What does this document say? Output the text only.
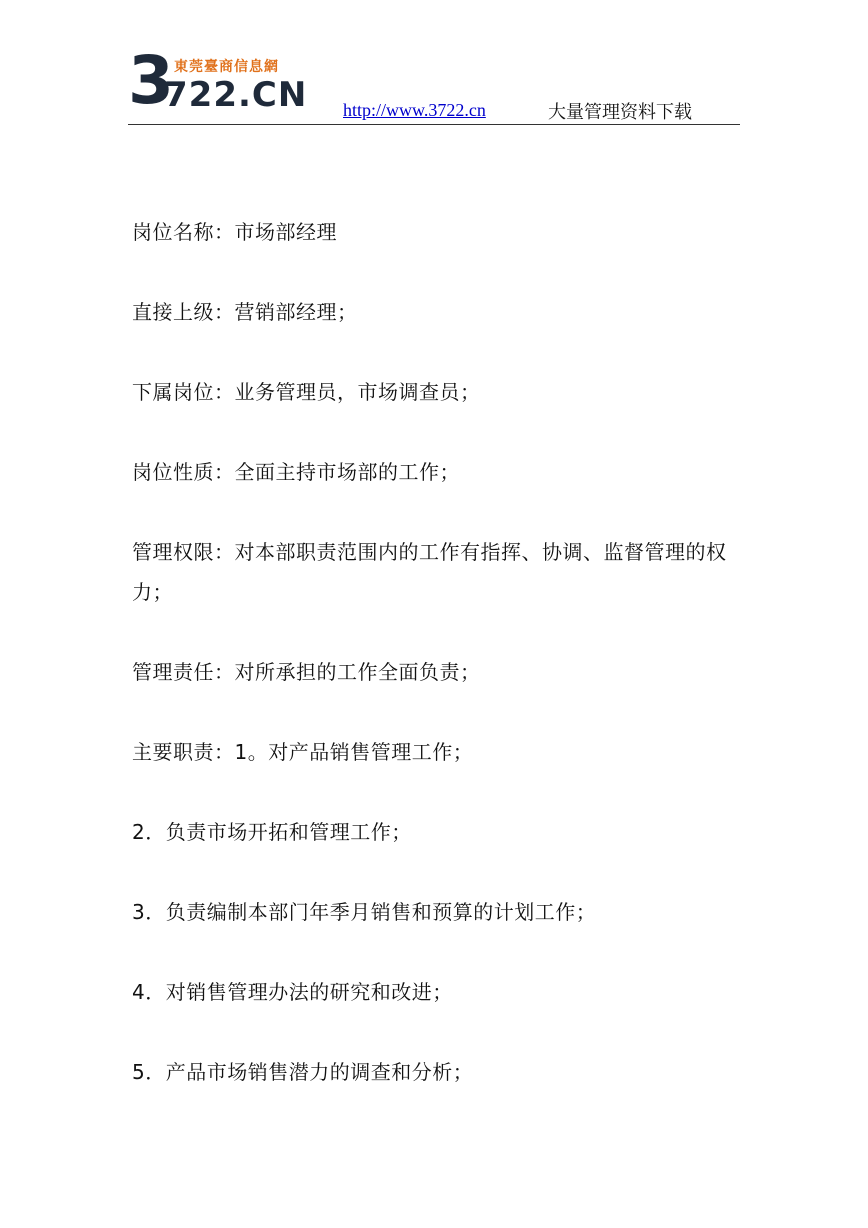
3 東莞臺商信息網
722.CN http://www.3722.cn	大量管理资料下载

岗位名称：市场部经理

直接上级：营销部经理；

下属岗位：业务管理员，市场调查员；

岗位性质：全面主持市场部的工作；

管理权限：对本部职责范围内的工作有指挥、协调、监督管理的权力；

管理责任：对所承担的工作全面负责；

主要职责：1。对产品销售管理工作；

2．负责市场开拓和管理工作；

3．负责编制本部门年季月销售和预算的计划工作；

4．对销售管理办法的研究和改进；

5．产品市场销售潜力的调查和分析；
